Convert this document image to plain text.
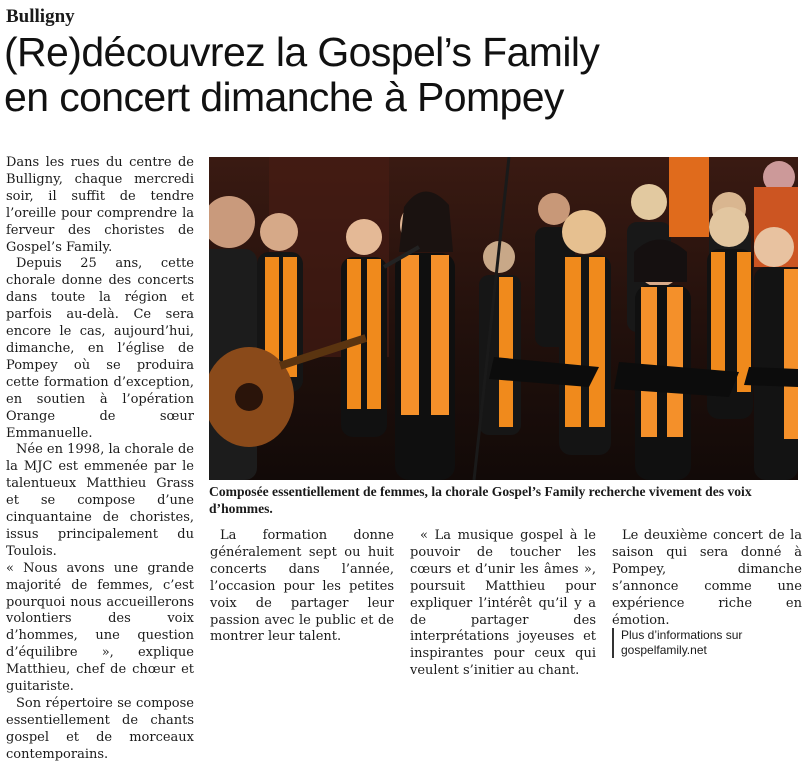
Bulligny
(Re)découvrez la Gospel’s Family
en concert dimanche à Pompey

Dans les rues du centre de Bulligny, chaque mercredi soir, il suffit de tendre l’oreille pour comprendre la ferveur des choristes de Gospel’s Family.

Depuis 25 ans, cette chorale donne des concerts dans toute la région et parfois au-delà. Ce sera encore le cas, aujourd’hui, dimanche, en l’église de Pompey où se produira cette formation d’exception, en soutien à l’opération Orange de sœur Emmanuelle.

Née en 1998, la chorale de la MJC est emmenée par le talentueux Matthieu Grass et se compose d’une cinquantaine de choristes, issus principalement du Toulois.

« Nous avons une grande majorité de femmes, c’est pourquoi nous accueillerons volontiers des voix d’hommes, une question d’équilibre », explique Matthieu, chef de chœur et guitariste.

Son répertoire se compose essentiellement de chants gospel et de morceaux contemporains.

Composée essentiellement de femmes, la chorale Gospel’s Family recherche vivement des voix d’hommes.

La formation donne généralement sept ou huit concerts dans l’année, l’occasion pour les petites voix de partager leur passion avec le public et de montrer leur talent.

« La musique gospel à le pouvoir de toucher les cœurs et d’unir les âmes », poursuit Matthieu pour expliquer l’intérêt qu’il y a de partager des interprétations joyeuses et inspirantes pour ceux qui veulent s’initier au chant.

Le deuxième concert de la saison qui sera donné à Pompey, dimanche s’annonce comme une expérience riche en émotion.

Plus d’informations sur gospelfamily.net
